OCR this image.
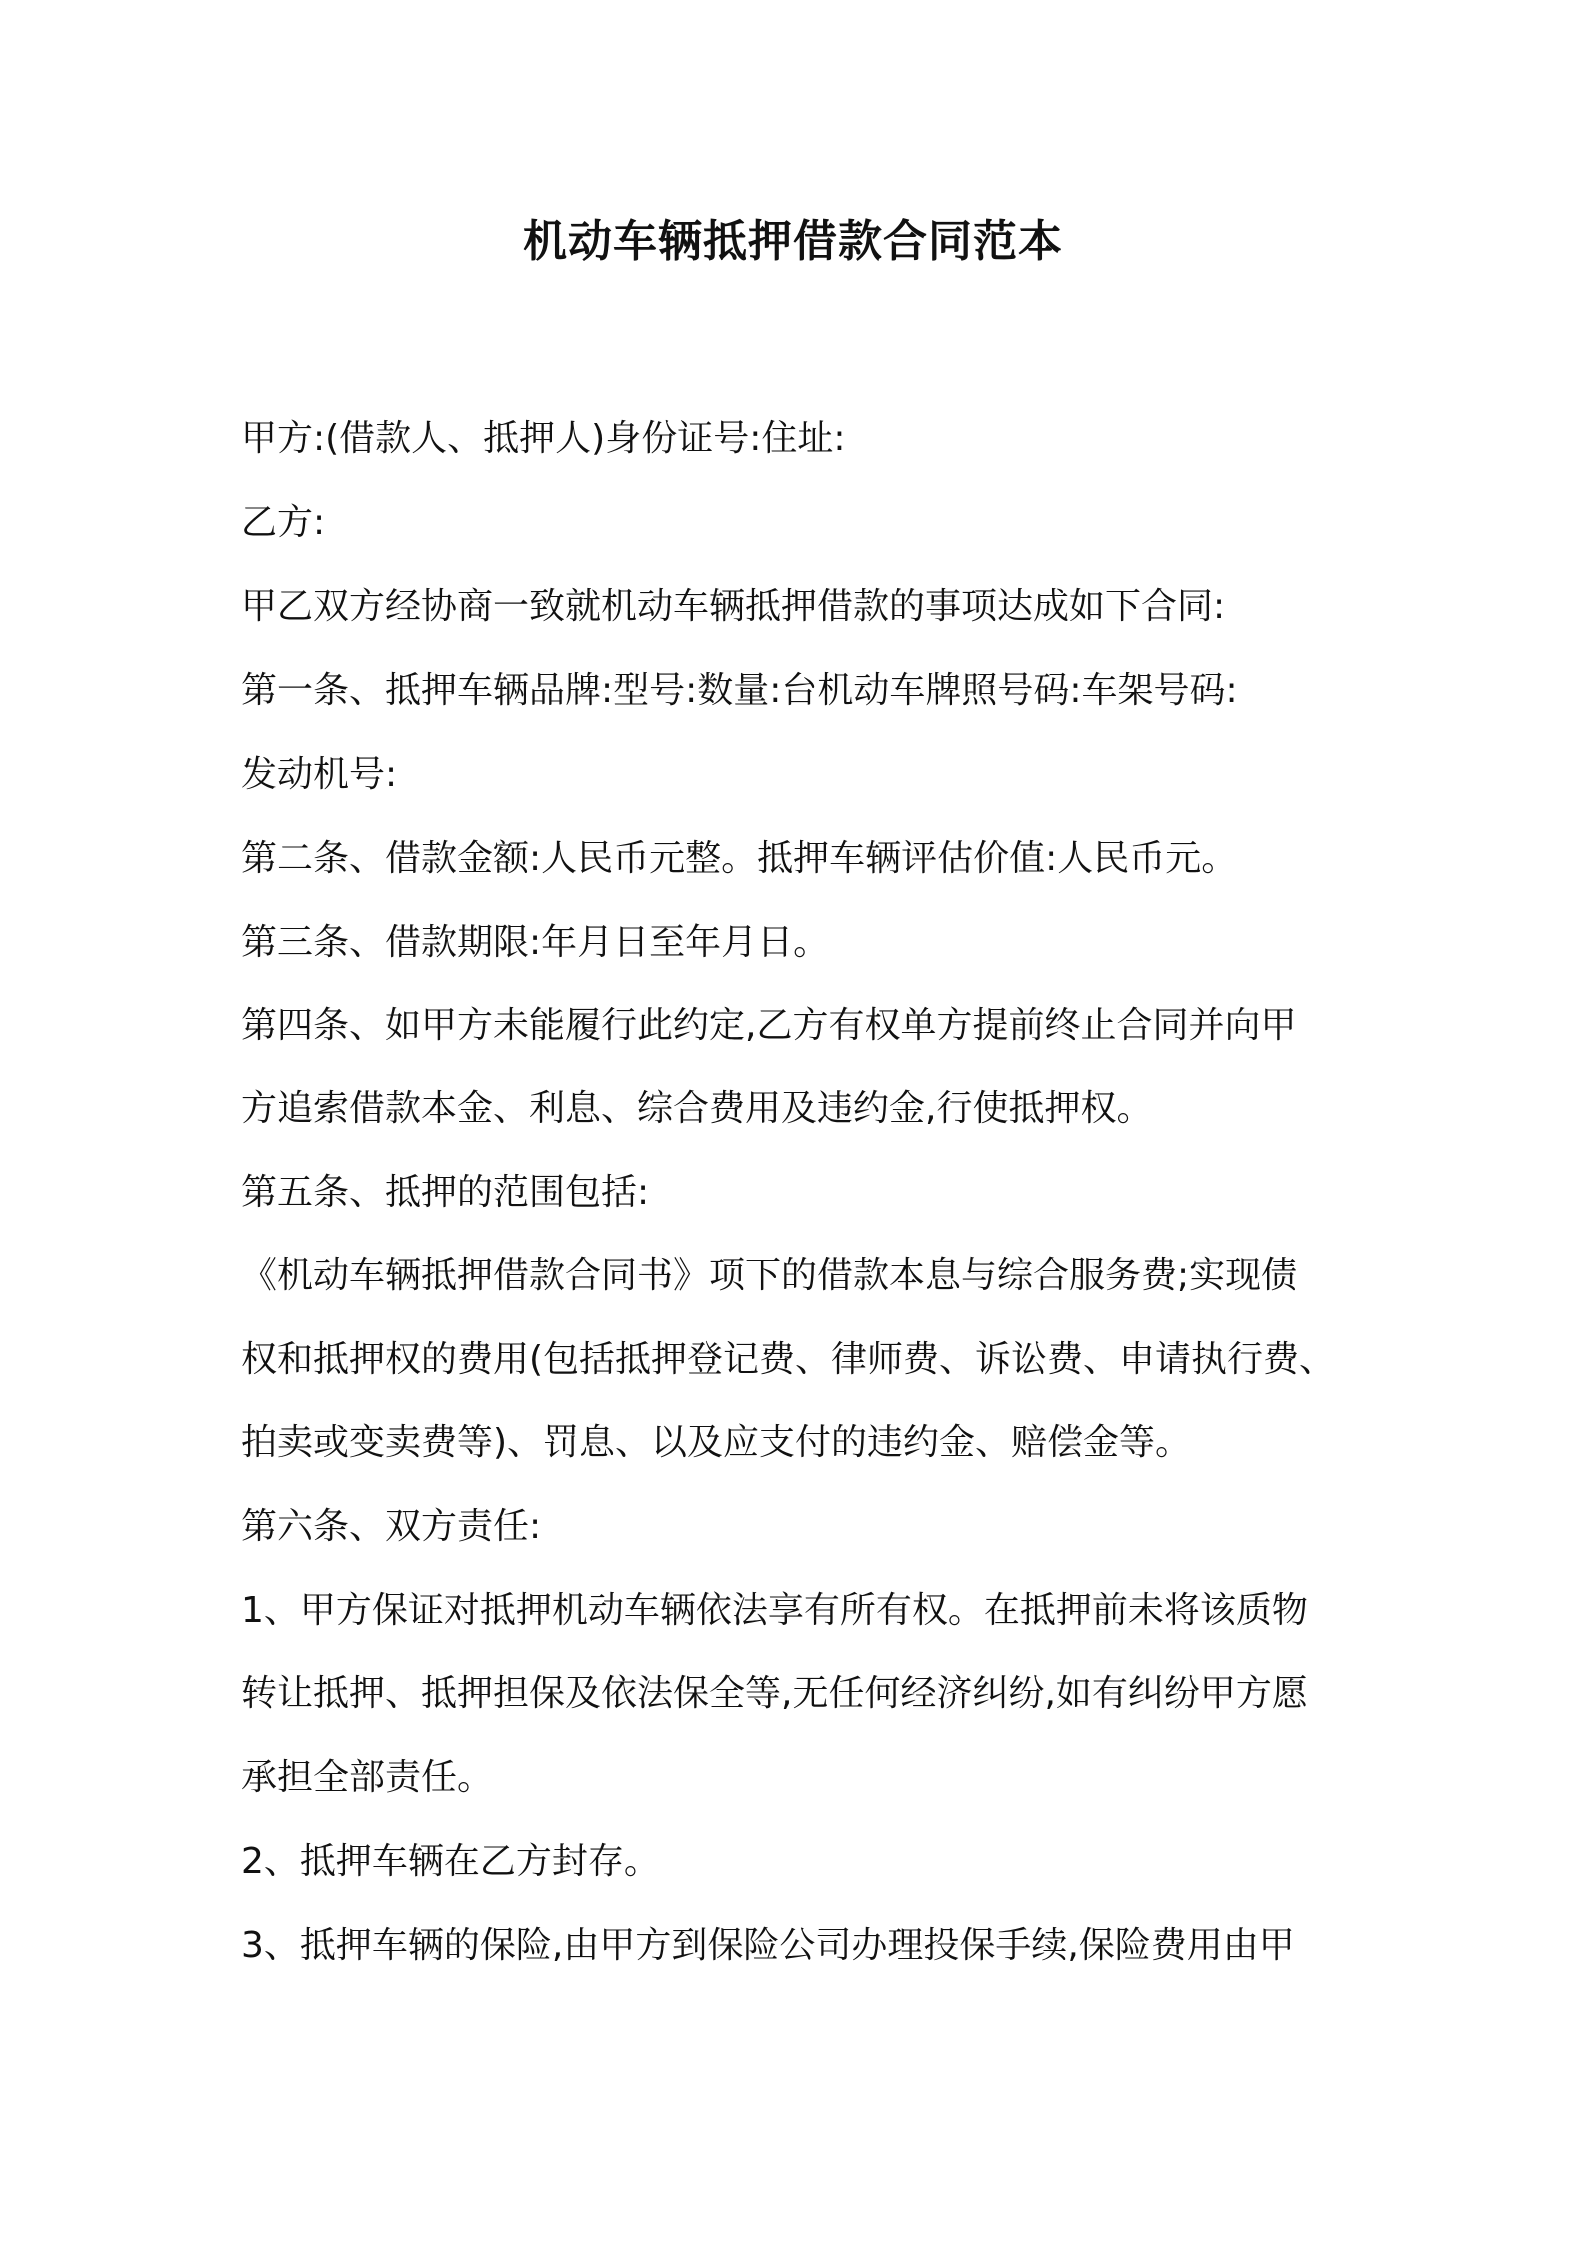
机动车辆抵押借款合同范本
甲方:(借款人、抵押人)身份证号:住址:
乙方:
甲乙双方经协商一致就机动车辆抵押借款的事项达成如下合同:
第一条、抵押车辆品牌:型号:数量:台机动车牌照号码:车架号码:
发动机号:
第二条、借款金额:人民币元整。抵押车辆评估价值:人民币元。
第三条、借款期限:年月日至年月日。
第四条、如甲方未能履行此约定,乙方有权单方提前终止合同并向甲
方追索借款本金、利息、综合费用及违约金,行使抵押权。
第五条、抵押的范围包括:
《机动车辆抵押借款合同书》项下的借款本息与综合服务费;实现债
权和抵押权的费用(包括抵押登记费、律师费、诉讼费、申请执行费、
拍卖或变卖费等)、罚息、以及应支付的违约金、赔偿金等。
第六条、双方责任:
1、甲方保证对抵押机动车辆依法享有所有权。在抵押前未将该质物
转让抵押、抵押担保及依法保全等,无任何经济纠纷,如有纠纷甲方愿
承担全部责任。
2、抵押车辆在乙方封存。
3、抵押车辆的保险,由甲方到保险公司办理投保手续,保险费用由甲
